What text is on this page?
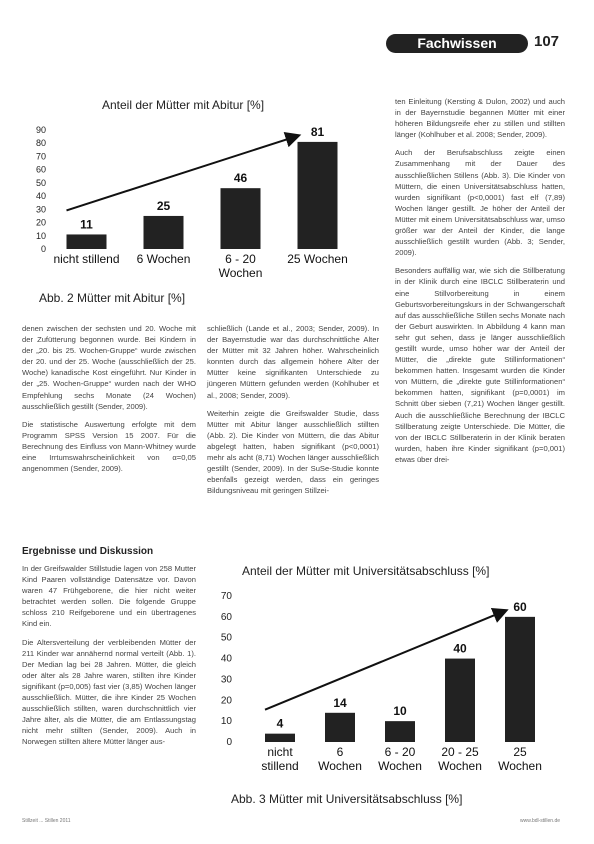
Fachwissen	107
Anteil der Mütter mit Abitur [%]
0
10
20
30
40
50
60
70
80
90
11
nicht stillend
25
6 Wochen
46
6 - 20
Wochen
81
25 Wochen
Abb. 2 Mütter mit Abitur [%]

ten Einleitung (Kersting & Dulon, 2002) und auch in der Bayernstudie begannen Mütter mit einer höheren Bildungsreife eher zu stillen und stillten länger (Kohlhuber et al. 2008; Sender, 2009).

Auch der Berufsabschluss zeigte einen Zusammenhang mit der Dauer des ausschließlichen Stillens (Abb. 3). Die Kinder von Müttern, die einen Universitätsabschluss hatten, wurden signifikant (p<0,0001) fast elf (7,89) Wochen länger gestillt. Je höher der Anteil der Mütter mit einem Universitätsabschluss war, umso größer war der Anteil der Kinder, die lange ausschließlich gestillt wurden (Abb. 3; Sender, 2009).

Besonders auffällig war, wie sich die Stillberatung in der Klinik durch eine IBCLC Stillberaterin und eine Stillvorbereitung in einem Geburtsvorbereitungskurs in der Schwangerschaft auf das ausschließliche Stillen sechs Monate nach der Geburt auswirkten. In Abbildung 4 kann man sehr gut sehen, dass je länger ausschließlich gestillt wurde, umso höher war der Anteil der Mütter, die „direkte gute Stillinformationen“ bekommen hatten. Insgesamt wurden die Kinder von Müttern, die „direkte gute Stillinformationen“ bekommen hatten, signifikant (p=0,0001) im Schnitt über sieben (7,21) Wochen länger gestillt. Auch die ausschließliche Berechnung der IBCLC Stillberatung zeigte Unterschiede. Die Mütter, die von der IBCLC Stillberaterin in der Klinik beraten wurden, haben ihre Kinder signifikant (p=0,001) etwas über drei-

denen zwischen der sechsten und 20. Woche mit der Zufütterung begonnen wurde. Bei Kindern in der „20. bis 25. Wochen-Gruppe“ wurde zwischen der 20. und der 25. Woche (ausschließlich der 25. Woche) kanadische Kost eingeführt. Nur Kinder in der „25. Wochen-Gruppe“ wurden nach der WHO Empfehlung sechs Monate (24 Wochen) ausschließlich gestillt (Sender, 2009).

Die statistische Auswertung erfolgte mit dem Programm SPSS Version 15 2007. Für die Berechnung des Einfluss von Mann-Whitney wurde eine Irrtumswahrscheinlichkeit von α=0,05 angenommen (Sender, 2009).

Ergebnisse und Diskussion

In der Greifswalder Stillstudie lagen von 258 Mutter Kind Paaren vollständige Datensätze vor. Davon waren 47 Frühgeborene, die hier nicht weiter betrachtet werden sollen. Die folgende Gruppe schloss 210 Reifgeborene und ein übertragenes Kind ein.

Die Altersverteilung der verbleibenden Mütter der 211 Kinder war annähernd normal verteilt (Abb. 1). Der Median lag bei 28 Jahren. Mütter, die gleich oder älter als 28 Jahre waren, stillten ihre Kinder signifikant (p=0,005) fast vier (3,85) Wochen länger ausschließlich. Mütter, die ihre Kinder 25 Wochen ausschließlich stillten, waren durchschnittlich vier Jahre älter, als die Mütter, die am Entlassungstag nicht mehr stillten (Sender, 2009). Auch in Norwegen stillten ältere Mütter länger aus-

schließlich (Lande et al., 2003; Sender, 2009). In der Bayernstudie war das durchschnittliche Alter der Mütter mit 32 Jahren höher. Wahrscheinlich konnten durch das allgemein höhere Alter der Mütter keine signifikanten Unterschiede zu jüngeren Müttern gefunden werden (Kohlhuber et al., 2008; Sender, 2009).

Weiterhin zeigte die Greifswalder Studie, dass Mütter mit Abitur länger ausschließlich stillten (Abb. 2). Die Kinder von Müttern, die das Abitur abgelegt hatten, haben signifikant (p<0,0001) mehr als acht (8,71) Wochen länger ausschließlich gestillt (Sender, 2009). In der SuSe-Studie konnte ebenfalls gezeigt werden, dass ein geringes Bildungsniveau mit geringen Stillzei-

Anteil der Mütter mit Universitätsabschluss [%]
0
10
20
30
40
50
60
70
4
nicht
stillend
14
6
Wochen
10
6 - 20
Wochen
40
20 - 25
Wochen
60
25
Wochen
Abb. 3 Mütter mit Universitätsabschluss [%]
Stillzeit ... Stillen 2011	www.bdl-stillen.de
